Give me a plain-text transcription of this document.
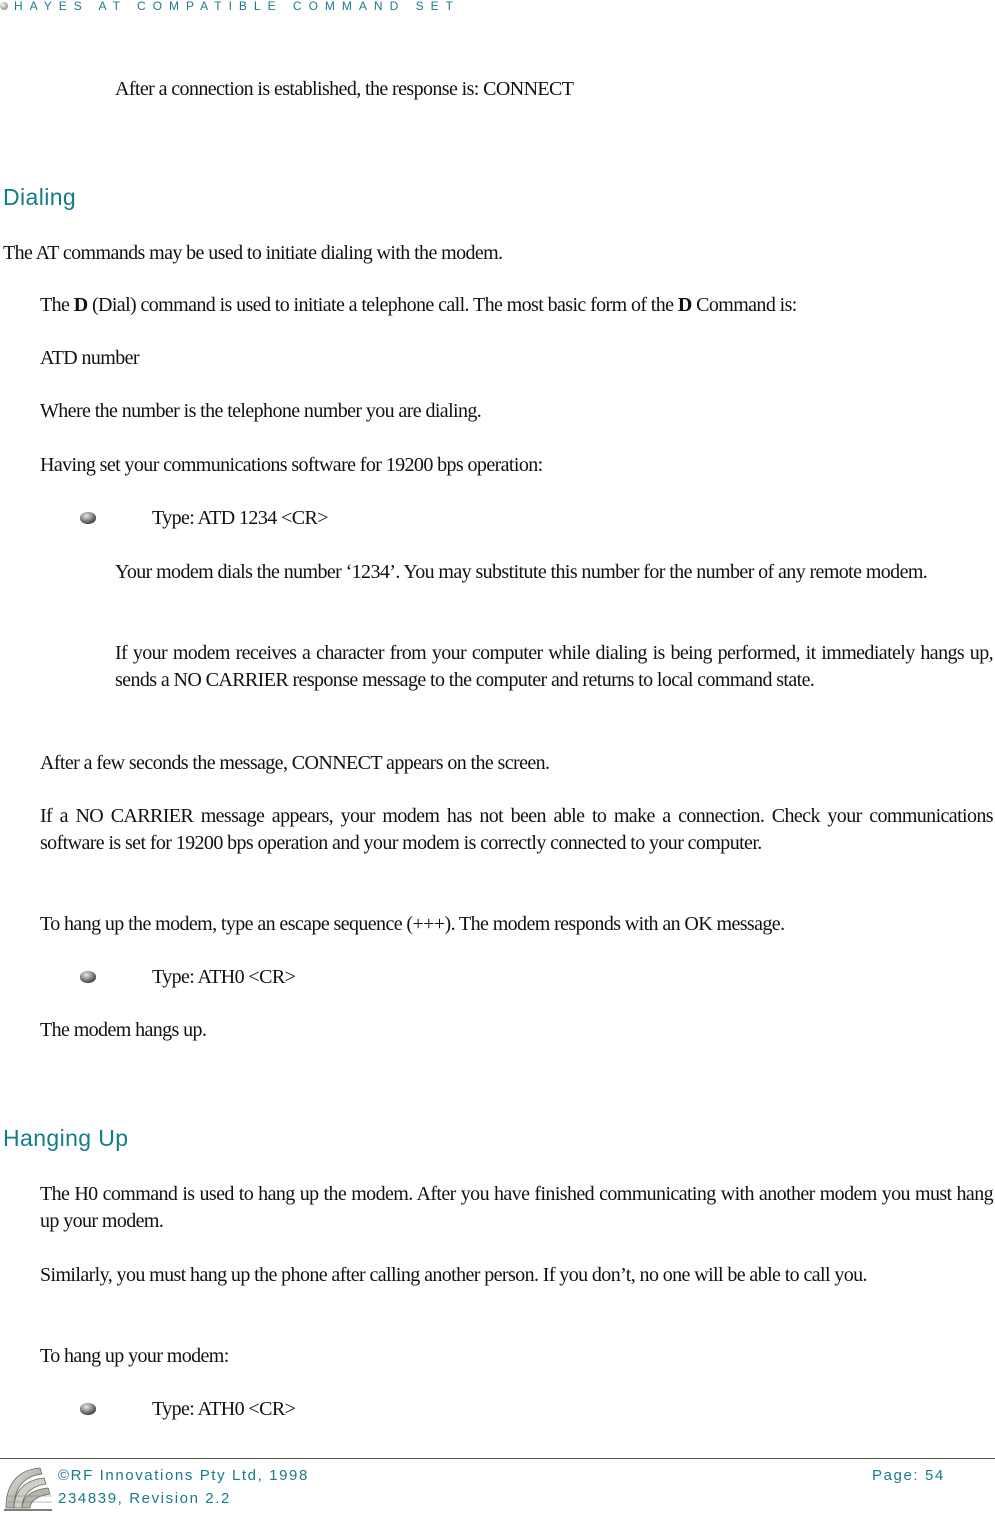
HAYES AT COMPATIBLE COMMAND SET
After a connection is established, the response is: CONNECT
Dialing
The AT commands may be used to initiate dialing with the modem.
The D (Dial) command is used to initiate a telephone call. The most basic form of the D Command is:
ATD number
Where the number is the telephone number you are dialing.
Having set your communications software for 19200 bps operation:
Type: ATD 1234 <CR>
Your modem dials the number ‘1234’. You may substitute this number for the number of any remote modem.
If your modem receives a character from your computer while dialing is being performed, it immediately hangs up, sends a NO CARRIER response message to the computer and returns to local command state.
After a few seconds the message, CONNECT appears on the screen.
If a NO CARRIER message appears, your modem has not been able to make a connection. Check your communications software is set for 19200 bps operation and your modem is correctly connected to your computer.
To hang up the modem, type an escape sequence (+++). The modem responds with an OK message.
Type: ATH0 <CR>
The modem hangs up.
Hanging Up
The H0 command is used to hang up the modem. After you have finished communicating with another modem you must hang up your modem.
Similarly, you must hang up the phone after calling another person. If you don’t, no one will be able to call you.
To hang up your modem:
Type: ATH0 <CR>
©RF Innovations Pty Ltd, 1998
234839, Revision 2.2
Page: 54
